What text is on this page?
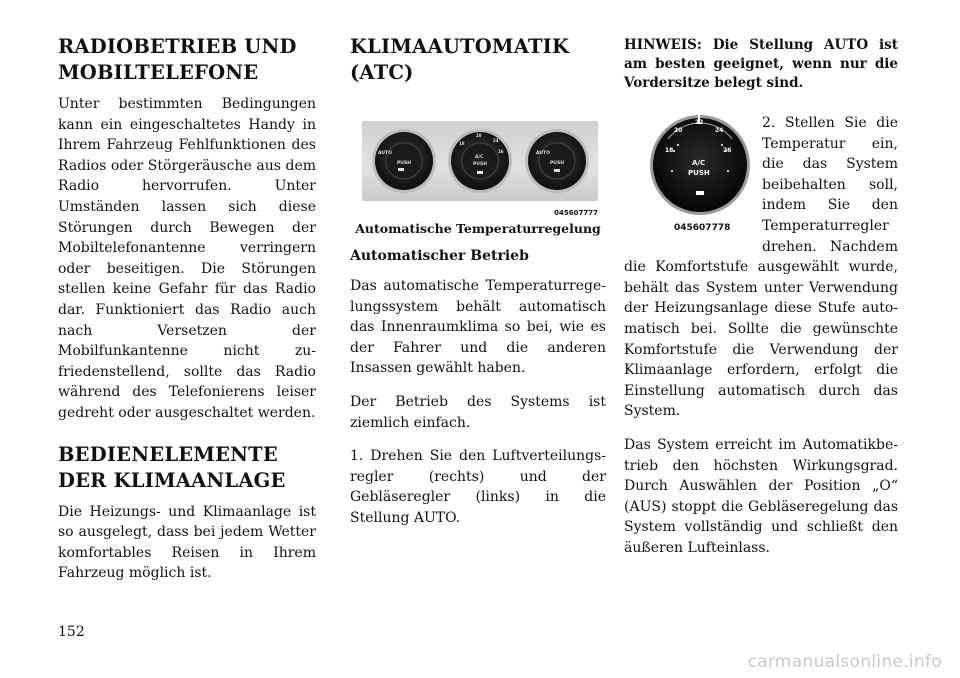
RADIOBETRIEB UND MOBILTELEFONE

Unter bestimmten Bedingungen kann ein eingeschaltetes Handy in Ihrem Fahrzeug Fehlfunktionen des Radios oder Störgeräusche aus dem Radio hervorrufen. Unter Umständen lassen sich diese Störungen durch Bewegen der Mobiltelefonantenne verringern oder beseitigen. Die Störungen stellen keine Gefahr für das Radio dar. Funktioniert das Radio auch nach Versetzen der Mobilfunkantenne nicht zufriedenstellend, sollte das Radio während des Telefonierens leiser gedreht oder ausgeschaltet werden.

BEDIENELEMENTE DER KLIMAANLAGE

Die Heizungs- und Klimaanlage ist so ausgelegt, dass bei jedem Wetter komfortables Reisen in Ihrem Fahrzeug möglich ist.

KLIMAAUTOMATIK (ATC)
AUTO
PUSH
20
18
24
26
A/C
PUSH
AUTO
PUSH
045607777

Automatische Temperaturregelung

Automatischer Betrieb

Das automatische Temperaturregelungssystem behält automatisch das Innenraumklima so bei, wie es der Fahrer und die anderen Insassen gewählt haben.

Der Betrieb des Systems ist ziemlich einfach.

1. Drehen Sie den Luftverteilungsregler (rechts) und der Gebläseregler (links) in die Stellung AUTO.

HINWEIS: Die Stellung AUTO ist am besten geeignet, wenn nur die Vordersitze belegt sind.

20
22
24
18	26
A/C
PUSH
045607778

2. Stellen Sie die Temperatur ein, die das System beibehalten soll, indem Sie den Temperaturregler drehen. Nachdem die Komfortstufe ausgewählt wurde, behält das System unter Verwendung der Heizungsanlage diese Stufe automatisch bei. Sollte die gewünschte Komfortstufe die Verwendung der Klimaanlage erfordern, erfolgt die Einstellung automatisch durch das System.

Das System erreicht im Automatikbetrieb den höchsten Wirkungsgrad. Durch Auswählen der Position „O“ (AUS) stoppt die Gebläseregelung das System vollständig und schließt den äußeren Lufteinlass.

152
carmanualsonline.info
